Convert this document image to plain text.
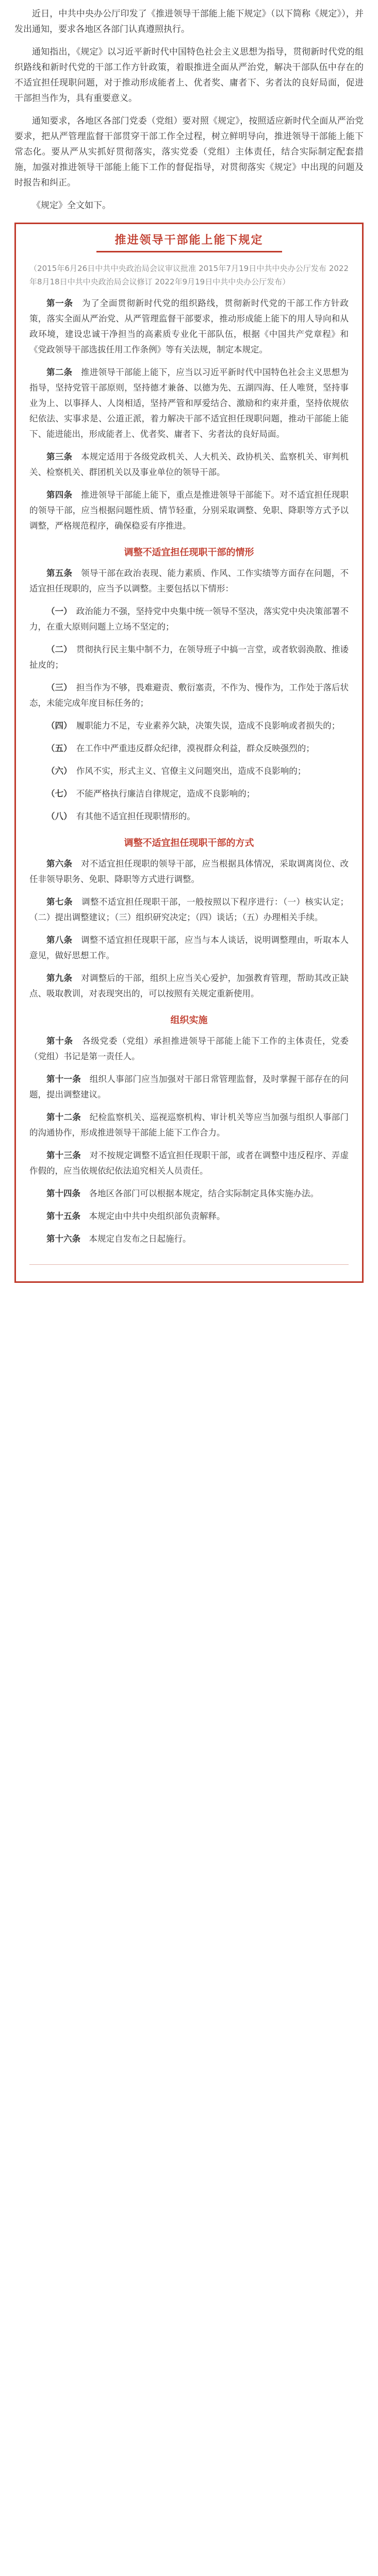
近日，中共中央办公厅印发了《推进领导干部能上能下规定》（以下简称《规定》），并发出通知，要求各地区各部门认真遵照执行。

通知指出，《规定》以习近平新时代中国特色社会主义思想为指导，贯彻新时代党的组织路线和新时代党的干部工作方针政策，着眼推进全面从严治党，解决干部队伍中存在的不适宜担任现职问题，对于推动形成能者上、优者奖、庸者下、劣者汰的良好局面，促进干部担当作为，具有重要意义。

通知要求，各地区各部门党委（党组）要对照《规定》，按照适应新时代全面从严治党要求，把从严管理监督干部贯穿干部工作全过程，树立鲜明导向，推进领导干部能上能下常态化。要从严从实抓好贯彻落实，落实党委（党组）主体责任，结合实际制定配套措施，加强对推进领导干部能上能下工作的督促指导，对贯彻落实《规定》中出现的问题及时报告和纠正。

《规定》全文如下。

推进领导干部能上能下规定
（2015年6月26日中共中央政治局会议审议批准 2015年7月19日中共中央办公厅发布 2022年8月18日中共中央政治局会议修订 2022年9月19日中共中央办公厅发布）

第一条　 为了全面贯彻新时代党的组织路线，贯彻新时代党的干部工作方针政策，落实全面从严治党、从严管理监督干部要求，推动形成能上能下的用人导向和从政环境，建设忠诚干净担当的高素质专业化干部队伍，根据《中国共产党章程》和《党政领导干部选拔任用工作条例》等有关法规，制定本规定。

第二条　 推进领导干部能上能下，应当以习近平新时代中国特色社会主义思想为指导，坚持党管干部原则，坚持德才兼备、以德为先、五湖四海、任人唯贤，坚持事业为上、以事择人、人岗相适，坚持严管和厚爱结合、激励和约束并重，坚持依规依纪依法、实事求是、公道正派，着力解决干部不适宜担任现职问题，推动干部能上能下、能进能出，形成能者上、优者奖、庸者下、劣者汰的良好局面。

第三条　 本规定适用于各级党政机关、人大机关、政协机关、监察机关、审判机关、检察机关、群团机关以及事业单位的领导干部。

第四条　 推进领导干部能上能下，重点是推进领导干部能下。对不适宜担任现职的领导干部，应当根据问题性质、情节轻重，分别采取调整、免职、降职等方式予以调整，严格规范程序，确保稳妥有序推进。

调整不适宜担任现职干部的情形

第五条　 领导干部在政治表现、能力素质、作风、工作实绩等方面存在问题，不适宜担任现职的，应当予以调整。主要包括以下情形：

（一）　 政治能力不强，坚持党中央集中统一领导不坚决，落实党中央决策部署不力，在重大原则问题上立场不坚定的；

（二）　 贯彻执行民主集中制不力，在领导班子中搞一言堂，或者软弱涣散、推诿扯皮的；

（三）　 担当作为不够，畏难避责、敷衍塞责，不作为、慢作为，工作处于落后状态，未能完成年度目标任务的；

（四）　 履职能力不足，专业素养欠缺，决策失误，造成不良影响或者损失的；

（五）　 在工作中严重违反群众纪律，漠视群众利益，群众反映强烈的；

（六）　 作风不实，形式主义、官僚主义问题突出，造成不良影响的；

（七）　 不能严格执行廉洁自律规定，造成不良影响的；

（八）　 有其他不适宜担任现职情形的。

调整不适宜担任现职干部的方式

第六条　 对不适宜担任现职的领导干部，应当根据具体情况，采取调离岗位、改任非领导职务、免职、降职等方式进行调整。

第七条　 调整不适宜担任现职干部，一般按照以下程序进行：（一）核实认定；（二）提出调整建议；（三）组织研究决定；（四）谈话；（五）办理相关手续。

第八条　 调整不适宜担任现职干部，应当与本人谈话，说明调整理由，听取本人意见，做好思想工作。

第九条　 对调整后的干部，组织上应当关心爱护，加强教育管理，帮助其改正缺点、吸取教训，对表现突出的，可以按照有关规定重新使用。

组织实施

第十条　 各级党委（党组）承担推进领导干部能上能下工作的主体责任，党委（党组）书记是第一责任人。

第十一条　 组织人事部门应当加强对干部日常管理监督，及时掌握干部存在的问题，提出调整建议。

第十二条　 纪检监察机关、巡视巡察机构、审计机关等应当加强与组织人事部门的沟通协作，形成推进领导干部能上能下工作合力。

第十三条　 对不按规定调整不适宜担任现职干部，或者在调整中违反程序、弄虚作假的，应当依规依纪依法追究相关人员责任。

第十四条　 各地区各部门可以根据本规定，结合实际制定具体实施办法。

第十五条　 本规定由中共中央组织部负责解释。

第十六条　 本规定自发布之日起施行。
